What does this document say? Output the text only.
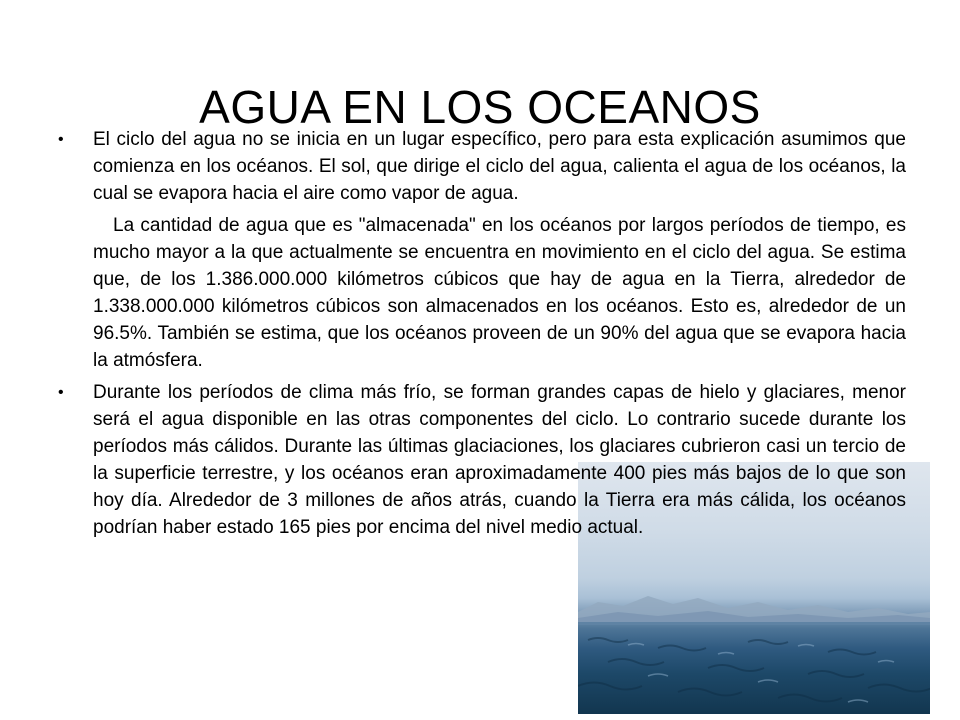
AGUA EN LOS OCEANOS

•	El ciclo del agua no se inicia en un lugar específico, pero para esta explicación asumimos que comienza en los océanos. El sol, que dirige el ciclo del agua, calienta el agua de los océanos, la cual se evapora hacia el aire como vapor de agua.

La cantidad de agua que es "almacenada" en los océanos por largos períodos de tiempo, es mucho mayor a la que actualmente se encuentra en movimiento en el ciclo del agua. Se estima que, de los 1.386.000.000 kilómetros cúbicos que hay de agua en la Tierra, alrededor de 1.338.000.000 kilómetros cúbicos son almacenados en los océanos. Esto es, alrededor de un 96.5%. También se estima, que los océanos proveen de un 90% del agua que se evapora hacia la atmósfera.

•	Durante los períodos de clima más frío, se forman grandes capas de hielo y glaciares, menor será el agua disponible en las otras componentes del ciclo. Lo contrario sucede durante los períodos más cálidos. Durante las últimas glaciaciones, los glaciares cubrieron casi un tercio de la superficie terrestre, y los océanos eran aproximadamente 400 pies más bajos de lo que son hoy día. Alrededor de 3 millones de años atrás, cuando la Tierra era más cálida, los océanos podrían haber estado 165 pies por encima del nivel medio actual.
